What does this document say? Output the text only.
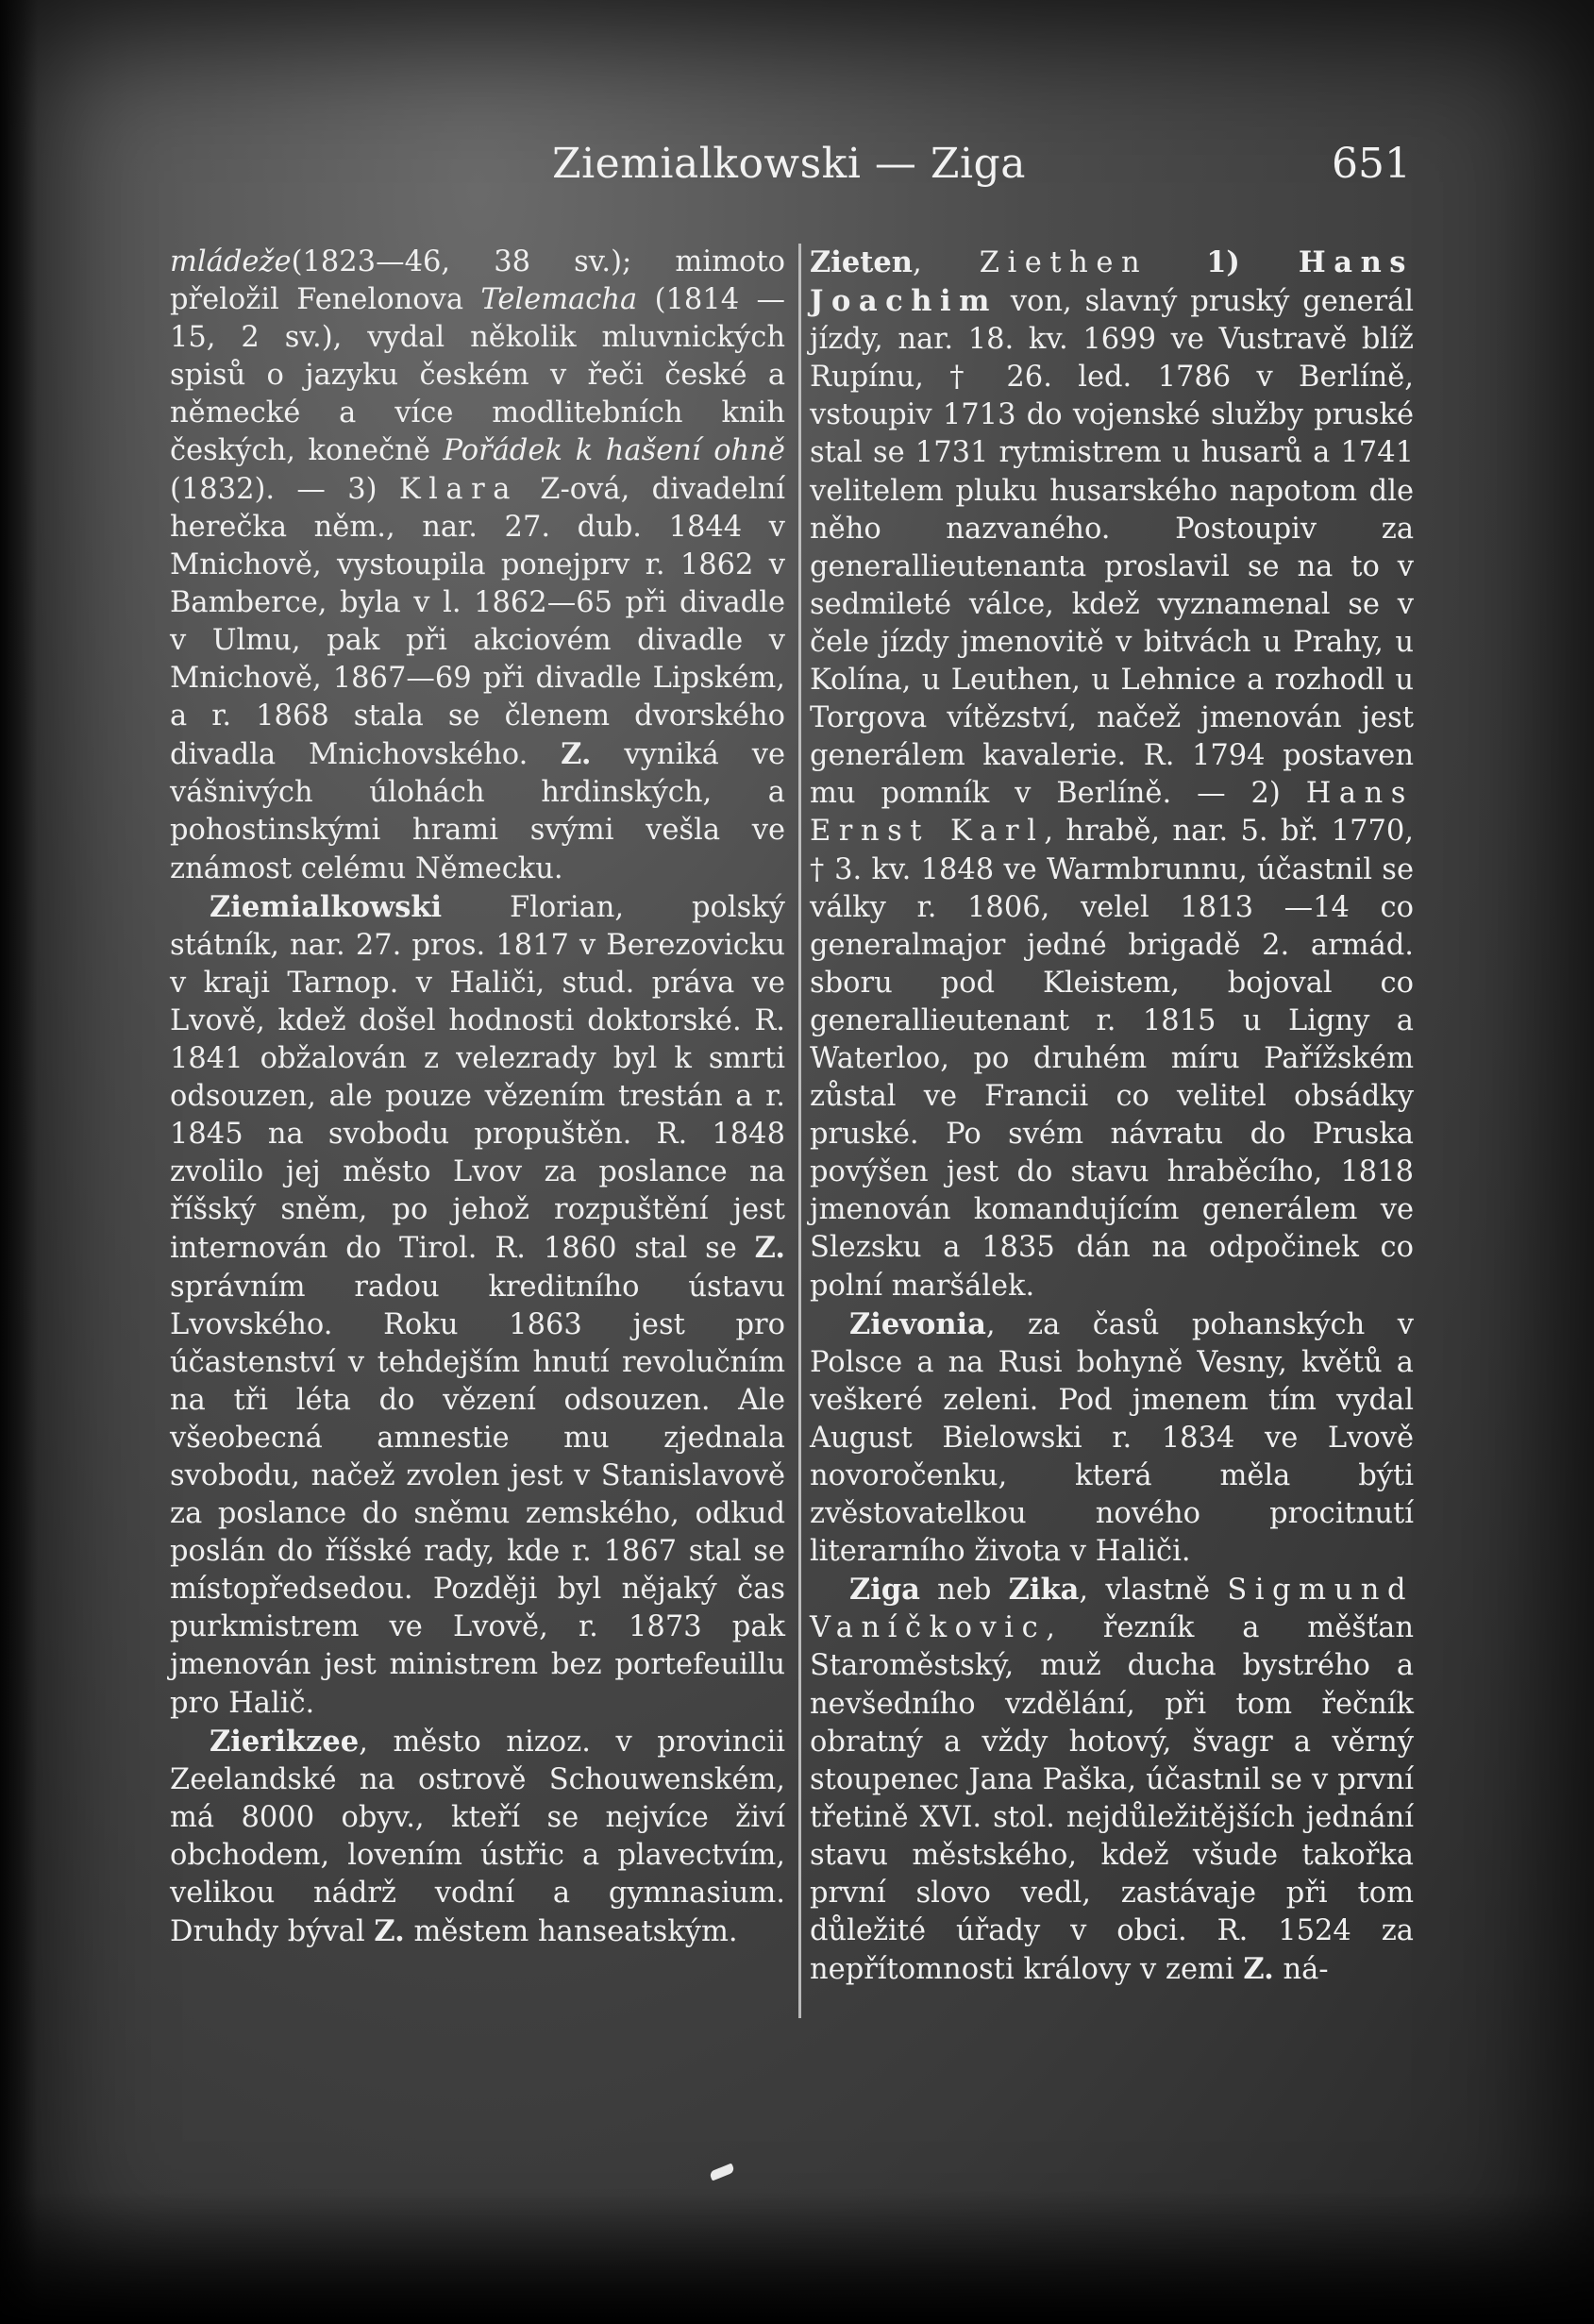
Ziemialkowski — Ziga	651

mládeže(1823—46, 38 sv.); mimoto přeložil Fenelonova Telemacha (1814 —15, 2 sv.), vydal několik mluvnických spisů o jazyku českém v řeči české a německé a více modlitebních knih českých, konečně Pořádek k hašení ohně (1832). — 3) Klara Z-ová, divadelní herečka něm., nar. 27. dub. 1844 v Mnichově, vystoupila ponejprv r. 1862 v Bamberce, byla v l. 1862—65 při divadle v Ulmu, pak při akciovém divadle v Mnichově, 1867—69 při divadle Lipském, a r. 1868 stala se členem dvorského divadla Mnichovského. Z. vyniká ve vášnivých úlohách hrdinských, a pohostinskými hrami svými vešla ve známost celému Německu.

Ziemialkowski Florian, polský státník, nar. 27. pros. 1817 v Berezovicku v kraji Tarnop. v Haliči, stud. práva ve Lvově, kdež došel hodnosti doktorské. R. 1841 obžalován z velezrady byl k smrti odsouzen, ale pouze vězením trestán a r. 1845 na svobodu propuštěn. R. 1848 zvolilo jej město Lvov za poslance na říšský sněm, po jehož rozpuštění jest internován do Tirol. R. 1860 stal se Z. správním radou kreditního ústavu Lvovského. Roku 1863 jest pro účastenství v tehdejším hnutí revolučním na tři léta do vězení odsouzen. Ale všeobecná amnestie mu zjednala svobodu, načež zvolen jest v Stanislavově za poslance do sněmu zemského, odkud poslán do říšské rady, kde r. 1867 stal se místopředsedou. Později byl nějaký čas purkmistrem ve Lvově, r. 1873 pak jmenován jest ministrem bez portefeuillu pro Halič.

Zierikzee, město nizoz. v provincii Zeelandské na ostrově Schouwenském, má 8000 obyv., kteří se nejvíce živí obchodem, lovením ústřic a plavectvím, velikou nádrž vodní a gymnasium. Druhdy býval Z. městem hanseatským.

Zieten, Ziethen 1) Hans Joachim von, slavný pruský generál jízdy, nar. 18. kv. 1699 ve Vustravě blíž Rupínu, † 26. led. 1786 v Berlíně, vstoupiv 1713 do vojenské služby pruské stal se 1731 rytmistrem u husarů a 1741 velitelem pluku husarského napotom dle něho nazvaného. Postoupiv za generallieutenanta proslavil se na to v sedmileté válce, kdež vyznamenal se v čele jízdy jmenovitě v bitvách u Prahy, u Kolína, u Leuthen, u Lehnice a rozhodl u Torgova vítězství, načež jmenován jest generálem kavalerie. R. 1794 postaven mu pomník v Berlíně. — 2) Hans Ernst Karl, hrabě, nar. 5. bř. 1770, † 3. kv. 1848 ve Warmbrunnu, účastnil se války r. 1806, velel 1813 —14 co generalmajor jedné brigadě 2. armád. sboru pod Kleistem, bojoval co generallieutenant r. 1815 u Ligny a Waterloo, po druhém míru Pařížském zůstal ve Francii co velitel obsádky pruské. Po svém návratu do Pruska povýšen jest do stavu hraběcího, 1818 jmenován komandujícím generálem ve Slezsku a 1835 dán na odpočinek co polní maršálek.

Zievonia, za časů pohanských v Polsce a na Rusi bohyně Vesny, květů a veškeré zeleni. Pod jmenem tím vydal August Bielowski r. 1834 ve Lvově novoročenku, která měla býti zvěstovatelkou nového procitnutí literarního života v Haliči.

Ziga neb Zika, vlastně Sigmund Vaníčkovic, řezník a měšťan Staroměstský, muž ducha bystrého a nevšedního vzdělání, při tom řečník obratný a vždy hotový, švagr a věrný stoupenec Jana Paška, účastnil se v první třetině XVI. stol. nejdůležitějších jednání stavu městského, kdež všude takořka první slovo vedl, zastávaje při tom důležité úřady v obci. R. 1524 za nepřítomnosti královy v zemi Z. ná-
